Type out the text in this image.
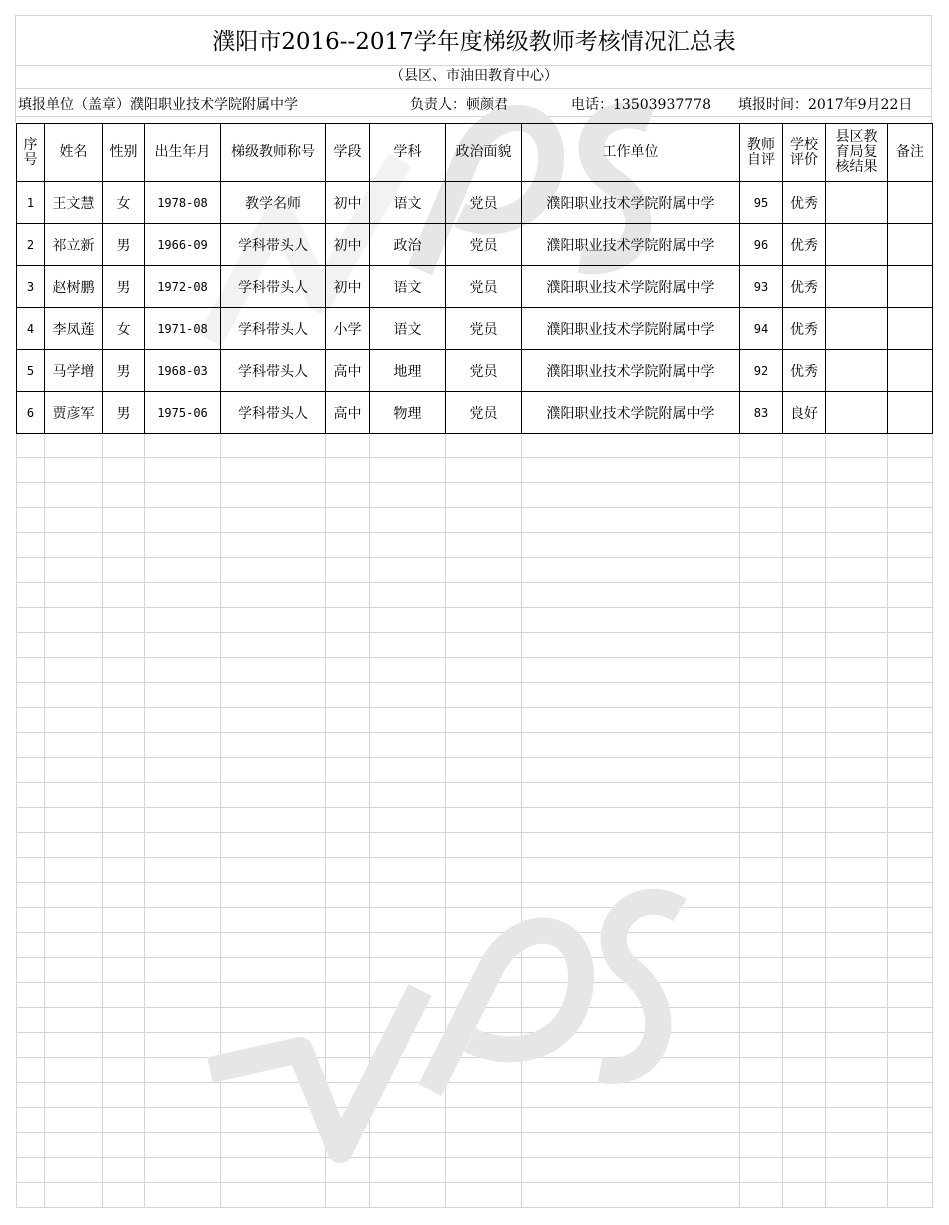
濮阳市2016--2017学年度梯级教师考核情况汇总表
（县区、市油田教育中心）
填报单位（盖章）濮阳职业技术学院附属中学	负责人：顿颜君	电话：13503937778 填报时间：2017年9月22日
序号	姓名	性别	出生年月	梯级教师称号	学段	学科	政治面貌	工作单位	教师自评	学校评价	县区教育局复核结果	备注
1	王文慧	女	1978-08	教学名师	初中	语文	党员	濮阳职业技术学院附属中学	95	优秀		
2	祁立新	男	1966-09	学科带头人	初中	政治	党员	濮阳职业技术学院附属中学	96	优秀		
3	赵树鹏	男	1972-08	学科带头人	初中	语文	党员	濮阳职业技术学院附属中学	93	优秀		
4	李凤莲	女	1971-08	学科带头人	小学	语文	党员	濮阳职业技术学院附属中学	94	优秀		
5	马学增	男	1968-03	学科带头人	高中	地理	党员	濮阳职业技术学院附属中学	92	优秀		
6	贾彦军	男	1975-06	学科带头人	高中	物理	党员	濮阳职业技术学院附属中学	83	良好		
